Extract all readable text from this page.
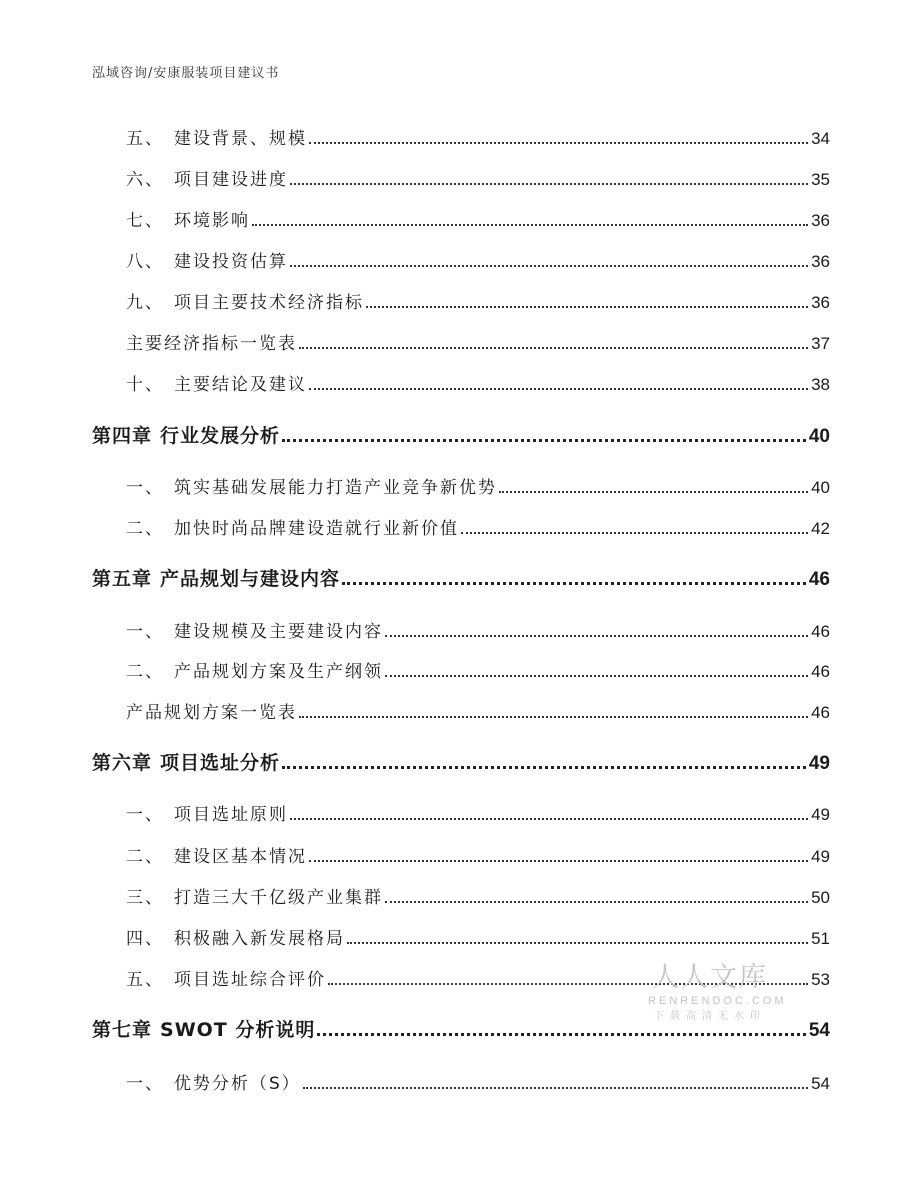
泓域咨询/安康服装项目建议书
五、 建设背景、规模	34
六、 项目建设进度	35
七、 环境影响	36
八、 建设投资估算	36
九、 项目主要技术经济指标	36
主要经济指标一览表	37
十、 主要结论及建议	38
第四章 行业发展分析	40
一、 筑实基础发展能力打造产业竞争新优势	40
二、 加快时尚品牌建设造就行业新价值	42
第五章 产品规划与建设内容	46
一、 建设规模及主要建设内容	46
二、 产品规划方案及生产纲领	46
产品规划方案一览表	46
第六章 项目选址分析	49
一、 项目选址原则	49
二、 建设区基本情况	49
三、 打造三大千亿级产业集群	50
四、 积极融入新发展格局	51
五、 项目选址综合评价	53
第七章 SWOT 分析说明	54
一、 优势分析（S）	54
人人文库
RENRENDOC.COM
下载高清无水印
